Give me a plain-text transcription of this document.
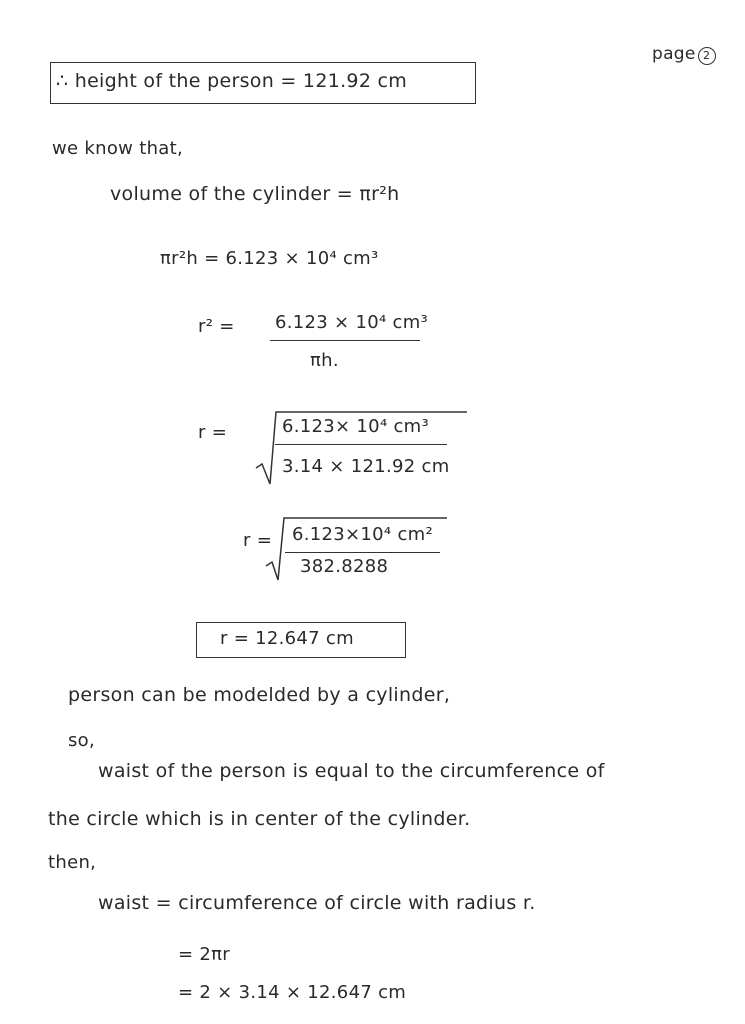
page 2
∴ height of the person = 121.92 cm
we know that,
volume of the cylinder = πr²h
πr²h = 6.123 × 10⁴ cm³
r² = 6.123 × 10⁴ cm³
πh.
r =	6.123× 10⁴ cm³
3.14 × 121.92 cm
r = 6.123×10⁴ cm²
382.8288
r = 12.647 cm
person can be modelded by a cylinder,
so,
waist of the person is equal to the circumference of
the circle which is in center of the cylinder.
then,
waist = circumference of circle with radius r.
= 2πr
= 2 × 3.14 × 12.647 cm
